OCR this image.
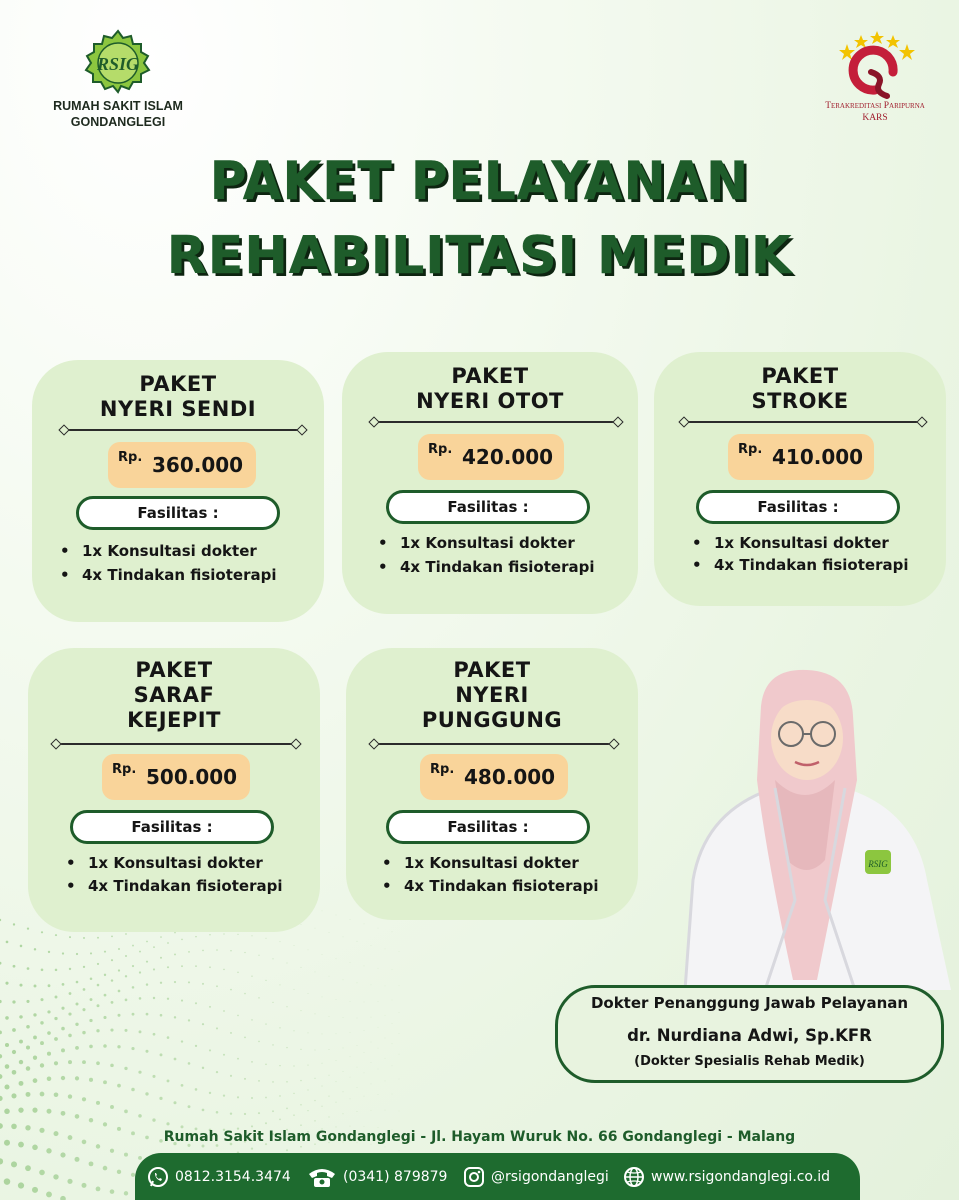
RSIG
RUMAH SAKIT ISLAM
GONDANGLEGI
Terakreditasi Paripurna
KARS
PAKET PELAYANAN
REHABILITASI MEDIK
PAKET
NYERI SENDI
Rp. 360.000
Fasilitas :
• 1x Konsultasi dokter
• 4x Tindakan fisioterapi
PAKET
NYERI OTOT
Rp. 420.000
Fasilitas :
• 1x Konsultasi dokter
• 4x Tindakan fisioterapi
PAKET
STROKE
Rp. 410.000
Fasilitas :
• 1x Konsultasi dokter
• 4x Tindakan fisioterapi
PAKET
SARAF
KEJEPIT
Rp. 500.000
Fasilitas :
• 1x Konsultasi dokter
• 4x Tindakan fisioterapi
PAKET
NYERI
PUNGGUNG
Rp. 480.000
Fasilitas :
• 1x Konsultasi dokter
• 4x Tindakan fisioterapi
RSIG
Dokter Penanggung Jawab Pelayanan
dr. Nurdiana Adwi, Sp.KFR
(Dokter Spesialis Rehab Medik)
Rumah Sakit Islam Gondanglegi - Jl. Hayam Wuruk No. 66 Gondanglegi - Malang
0812.3154.3474	(0341) 879879	@rsigondanglegi	www.rsigondanglegi.co.id
